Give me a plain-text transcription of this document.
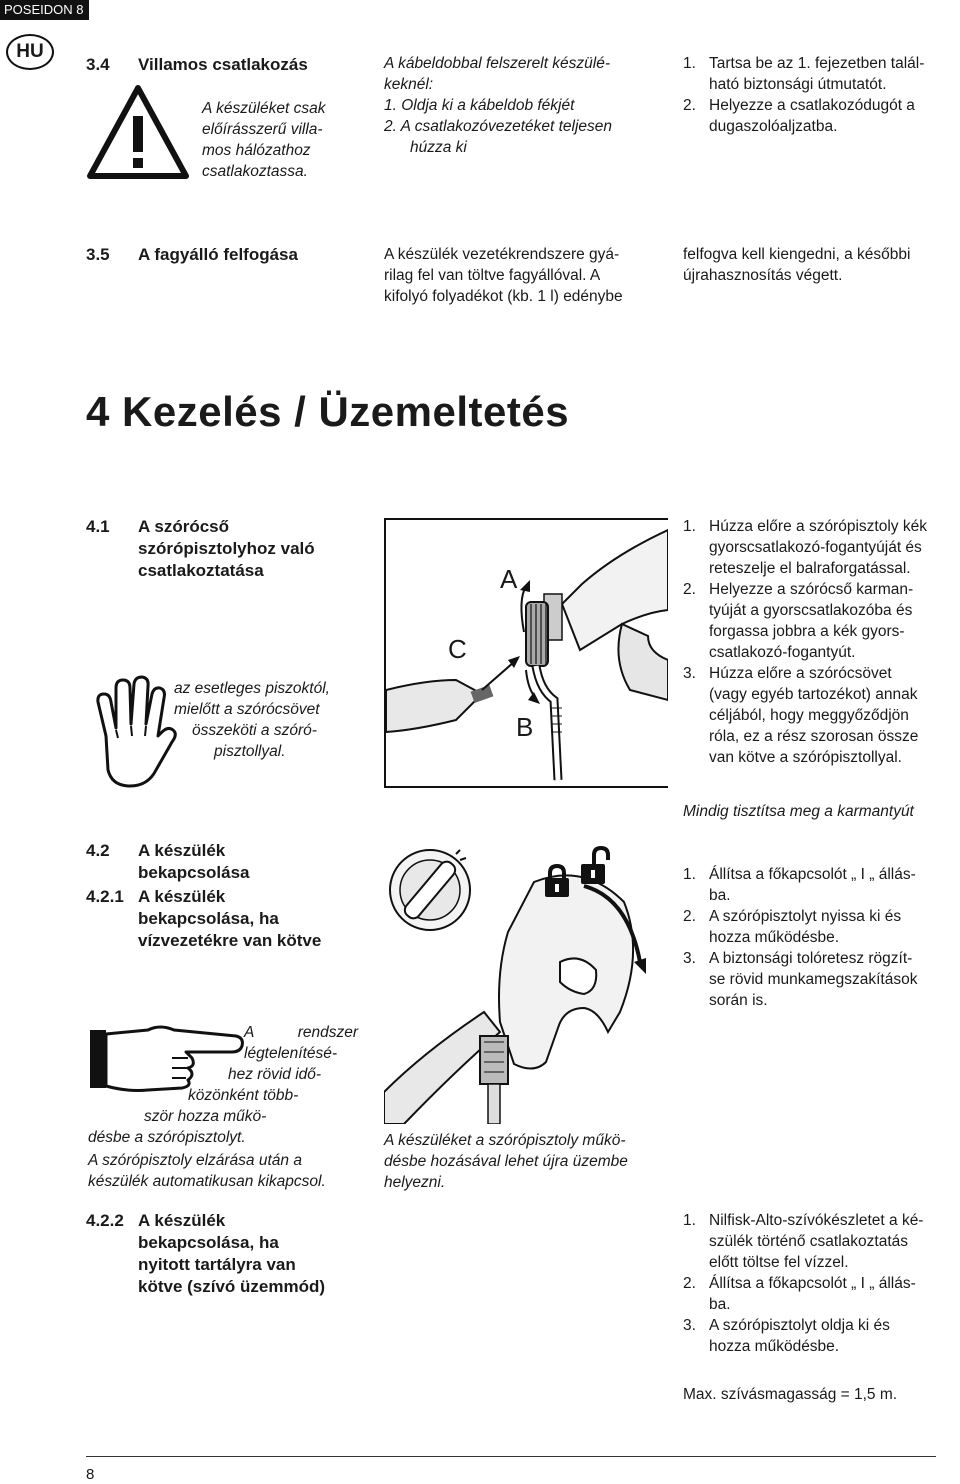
POSEIDON 8
HU
3.4 Villamos csatlakozás
A készüléket csak
előírásszerű villa-
mos hálózathoz
csatlakoztassa.
A kábeldobbal felszerelt készülé-
keknél:
1. Oldja ki a kábeldob fékjét
2. A csatlakozóvezetéket teljesen
húzza ki
1. Tartsa be az 1. fejezetben talál-
ható biztonsági útmutatót.
2. Helyezze a csatlakozódugót a
dugaszolóaljzatba.
3.5 A fagyálló felfogása	A készülék vezetékrendszere gyá-
rilag fel van töltve fagyállóval. A
kifolyó folyadékot (kb. 1 l) edénybe
felfogva kell kiengedni, a későbbi
újrahasznosítás végett.
4 Kezelés / Üzemeltetés
4.1 A szórócső
szórópisztolyhoz való
csatlakoztatása
az esetleges piszoktól,
mielőtt a szórócsövet
összeköti a szóró-
pisztollyal.
A
B
C
1. Húzza előre a szórópisztoly kék
gyorscsatlakozó-fogantyúját és
reteszelje el balraforgatással.
2. Helyezze a szórócső karman-
tyúját a gyorscsatlakozóba és
forgassa jobbra a kék gyors-
csatlakozó-fogantyút.
3. Húzza előre a szórócsövet
(vagy egyéb tartozékot) annak
céljából, hogy meggyőződjön
róla, ez a rész szorosan össze
van kötve a szórópisztollyal.
Mindig tisztítsa meg a karmantyút
4.2 A készülék
bekapcsolása
4.2.1 A készülék
bekapcsolása, ha
vízvezetékre van kötve
A rendszer
légtelenítésé-
hez rövid idő-
közönként több-
ször hozza műkö-
désbe a szórópisztolyt.
A szórópisztoly elzárása után a
készülék automatikusan kikapcsol.
A készüléket a szórópisztoly műkö-
désbe hozásával lehet újra üzembe
helyezni.
1. Állítsa a főkapcsolót „ I „ állás-
ba.
2. A szórópisztolyt nyissa ki és
hozza működésbe.
3. A biztonsági tolóretesz rögzít-
se rövid munkamegszakítások
során is.
4.2.2 A készülék
bekapcsolása, ha
nyitott tartályra van
kötve (szívó üzemmód)
1. Nilfisk-Alto-szívókészletet a ké-
szülék történő csatlakoztatás
előtt töltse fel vízzel.
2. Állítsa a főkapcsolót „ I „ állás-
ba.
3. A szórópisztolyt oldja ki és
hozza működésbe.
Max. szívásmagasság = 1,5 m.
8
